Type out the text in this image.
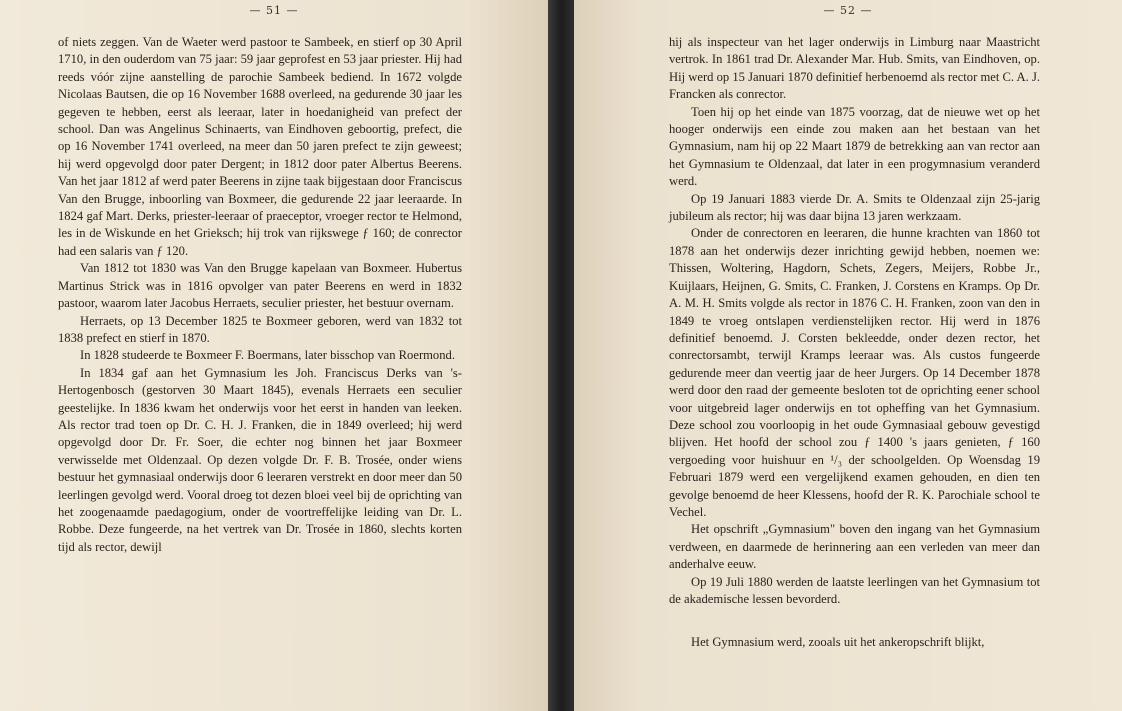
— 51 —

of niets zeggen. Van de Waeter werd pastoor te Sambeek, en stierf op 30 April 1710, in den ouderdom van 75 jaar: 59 jaar geprofest en 53 jaar priester. Hij had reeds vóór zijne aanstelling de parochie Sambeek bediend. In 1672 volgde Nicolaas Bautsen, die op 16 November 1688 overleed, na gedurende 30 jaar les gegeven te hebben, eerst als leeraar, later in hoedanigheid van prefect der school. Dan was Angelinus Schinaerts, van Eindhoven geboortig, prefect, die op 16 November 1741 overleed, na meer dan 50 jaren prefect te zijn geweest; hij werd opgevolgd door pater Dergent; in 1812 door pater Albertus Beerens. Van het jaar 1812 af werd pater Beerens in zijne taak bijgestaan door Franciscus Van den Brugge, inboorling van Boxmeer, die gedurende 22 jaar leeraarde. In 1824 gaf Mart. Derks, priester-leeraar of praeceptor, vroeger rector te Helmond, les in de Wiskunde en het Grieksch; hij trok van rijkswege ƒ 160; de conrector had een salaris van ƒ 120.

Van 1812 tot 1830 was Van den Brugge kapelaan van Boxmeer. Hubertus Martinus Strick was in 1816 opvolger van pater Beerens en werd in 1832 pastoor, waarom later Jacobus Herraets, seculier priester, het bestuur overnam.

Herraets, op 13 December 1825 te Boxmeer geboren, werd van 1832 tot 1838 prefect en stierf in 1870.

In 1828 studeerde te Boxmeer F. Boermans, later bisschop van Roermond.

In 1834 gaf aan het Gymnasium les Joh. Franciscus Derks van 's-Hertogenbosch (gestorven 30 Maart 1845), evenals Herraets een seculier geestelijke. In 1836 kwam het onderwijs voor het eerst in handen van leeken. Als rector trad toen op Dr. C. H. J. Franken, die in 1849 overleed; hij werd opgevolgd door Dr. Fr. Soer, die echter nog binnen het jaar Boxmeer verwisselde met Oldenzaal. Op dezen volgde Dr. F. B. Trosée, onder wiens bestuur het gymnasiaal onderwijs door 6 leeraren verstrekt en door meer dan 50 leerlingen gevolgd werd. Vooral droeg tot dezen bloei veel bij de oprichting van het zoogenaamde paedagogium, onder de voortreffelijke leiding van Dr. L. Robbe. Deze fungeerde, na het vertrek van Dr. Trosée in 1860, slechts korten tijd als rector, dewijl

— 52 —

hij als inspecteur van het lager onderwijs in Limburg naar Maastricht vertrok. In 1861 trad Dr. Alexander Mar. Hub. Smits, van Eindhoven, op. Hij werd op 15 Januari 1870 definitief herbenoemd als rector met C. A. J. Francken als conrector.

Toen hij op het einde van 1875 voorzag, dat de nieuwe wet op het hooger onderwijs een einde zou maken aan het bestaan van het Gymnasium, nam hij op 22 Maart 1879 de betrekking aan van rector aan het Gymnasium te Oldenzaal, dat later in een progymnasium veranderd werd.

Op 19 Januari 1883 vierde Dr. A. Smits te Oldenzaal zijn 25-jarig jubileum als rector; hij was daar bijna 13 jaren werkzaam.

Onder de conrectoren en leeraren, die hunne krachten van 1860 tot 1878 aan het onderwijs dezer inrichting gewijd hebben, noemen we: Thissen, Woltering, Hagdorn, Schets, Zegers, Meijers, Robbe Jr., Kuijlaars, Heijnen, G. Smits, C. Franken, J. Corstens en Kramps. Op Dr. A. M. H. Smits volgde als rector in 1876 C. H. Franken, zoon van den in 1849 te vroeg ontslapen verdienstelijken rector. Hij werd in 1876 definitief benoemd. J. Corsten bekleedde, onder dezen rector, het conrectorsambt, terwijl Kramps leeraar was. Als custos fungeerde gedurende meer dan veertig jaar de heer Jurgers. Op 14 December 1878 werd door den raad der gemeente besloten tot de oprichting eener school voor uitgebreid lager onderwijs en tot opheffing van het Gymnasium. Deze school zou voorloopig in het oude Gymnasiaal gebouw gevestigd blijven. Het hoofd der school zou ƒ 1400 's jaars genieten, ƒ 160 vergoeding voor huishuur en ¹/₃ der schoolgelden. Op Woensdag 19 Februari 1879 werd een vergelijkend examen gehouden, en dien ten gevolge benoemd de heer Klessens, hoofd der R. K. Parochiale school te Vechel.

Het opschrift „Gymnasium" boven den ingang van het Gymnasium verdween, en daarmede de herinnering aan een verleden van meer dan anderhalve eeuw.

Op 19 Juli 1880 werden de laatste leerlingen van het Gymnasium tot de akademische lessen bevorderd.

Het Gymnasium werd, zooals uit het ankeropschrift blijkt,
